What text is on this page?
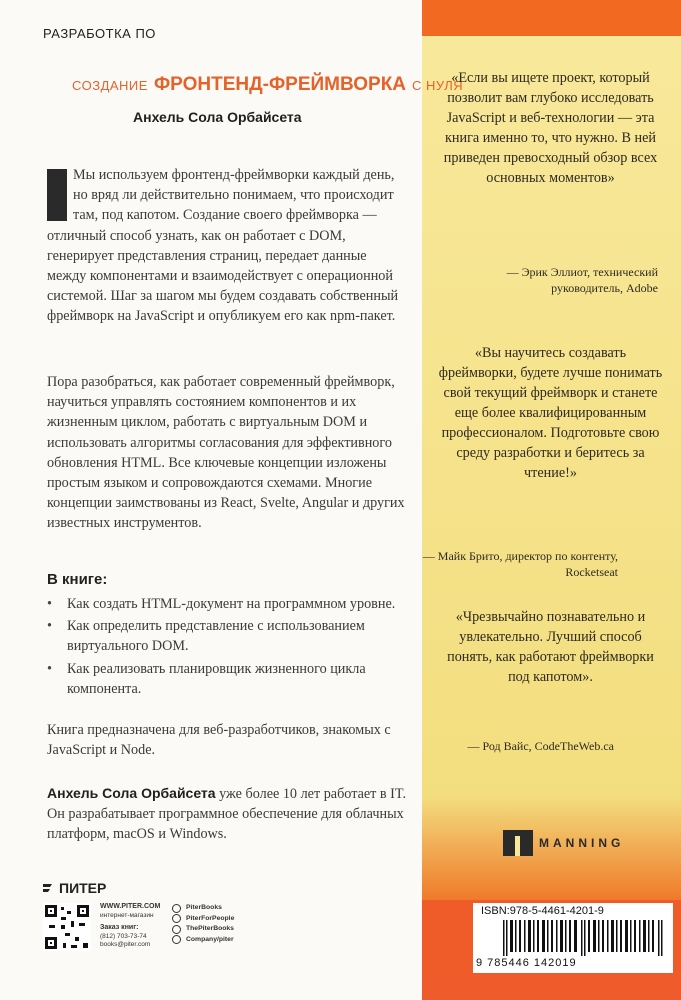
РАЗРАБОТКА ПО
СОЗДАНИЕ ФРОНТЕНД-ФРЕЙМВОРКА С НУЛЯ
Анхель Сола Орбайсета
Мы используем фронтенд-фреймворки каждый день, но вряд ли действительно понимаем, что происходит там, под капотом. Создание своего фреймворка — отличный способ узнать, как он работает с DOM, генерирует представления страниц, передает данные между компонентами и взаимодействует с операционной системой. Шаг за шагом мы будем создавать собственный фреймворк на JavaScript и опубликуем его как npm-пакет.
Пора разобраться, как работает современный фреймворк, научиться управлять состоянием компонентов и их жизненным циклом, работать с виртуальным DOM и использовать алгоритмы согласования для эффективного обновления HTML. Все ключевые концепции изложены простым языком и сопровождаются схемами. Многие концепции заимствованы из React, Svelte, Angular и других известных инструментов.
В книге:
• Как создать HTML-документ на программном уровне.
• Как определить представление с использованием виртуального DOM.
• Как реализовать планировщик жизненного цикла компонента.
Книга предназначена для веб-разработчиков, знакомых с JavaScript и Node.
Анхель Сола Орбайсета уже более 10 лет работает в IT. Он разрабатывает программное обеспечение для облачных платформ, macOS и Windows.
«Если вы ищете проект, который позволит вам глубоко исследовать JavaScript и веб-технологии — эта книга именно то, что нужно. В ней приведен превосходный обзор всех основных моментов»
— Эрик Эллиот, технический руководитель, Adobe
«Вы научитесь создавать фреймворки, будете лучше понимать свой текущий фреймворк и станете еще более квалифицированным профессионалом. Подготовьте свою среду разработки и беритесь за чтение!»
— Майк Брито, директор по контенту, Rocketseat
«Чрезвычайно познавательно и увлекательно. Лучший способ понять, как работают фреймворки под капотом».
— Род Вайс, CodeTheWeb.ca
MANNING
ПИТЕР
WWW.PITER.COM
интернет-магазин
Заказ книг:
(812) 703-73-74
books@piter.com
PiterBooks
PiterForPeople
ThePiterBooks
Company/piter
ISBN:978-5-4461-4201-9
9 785446 142019
